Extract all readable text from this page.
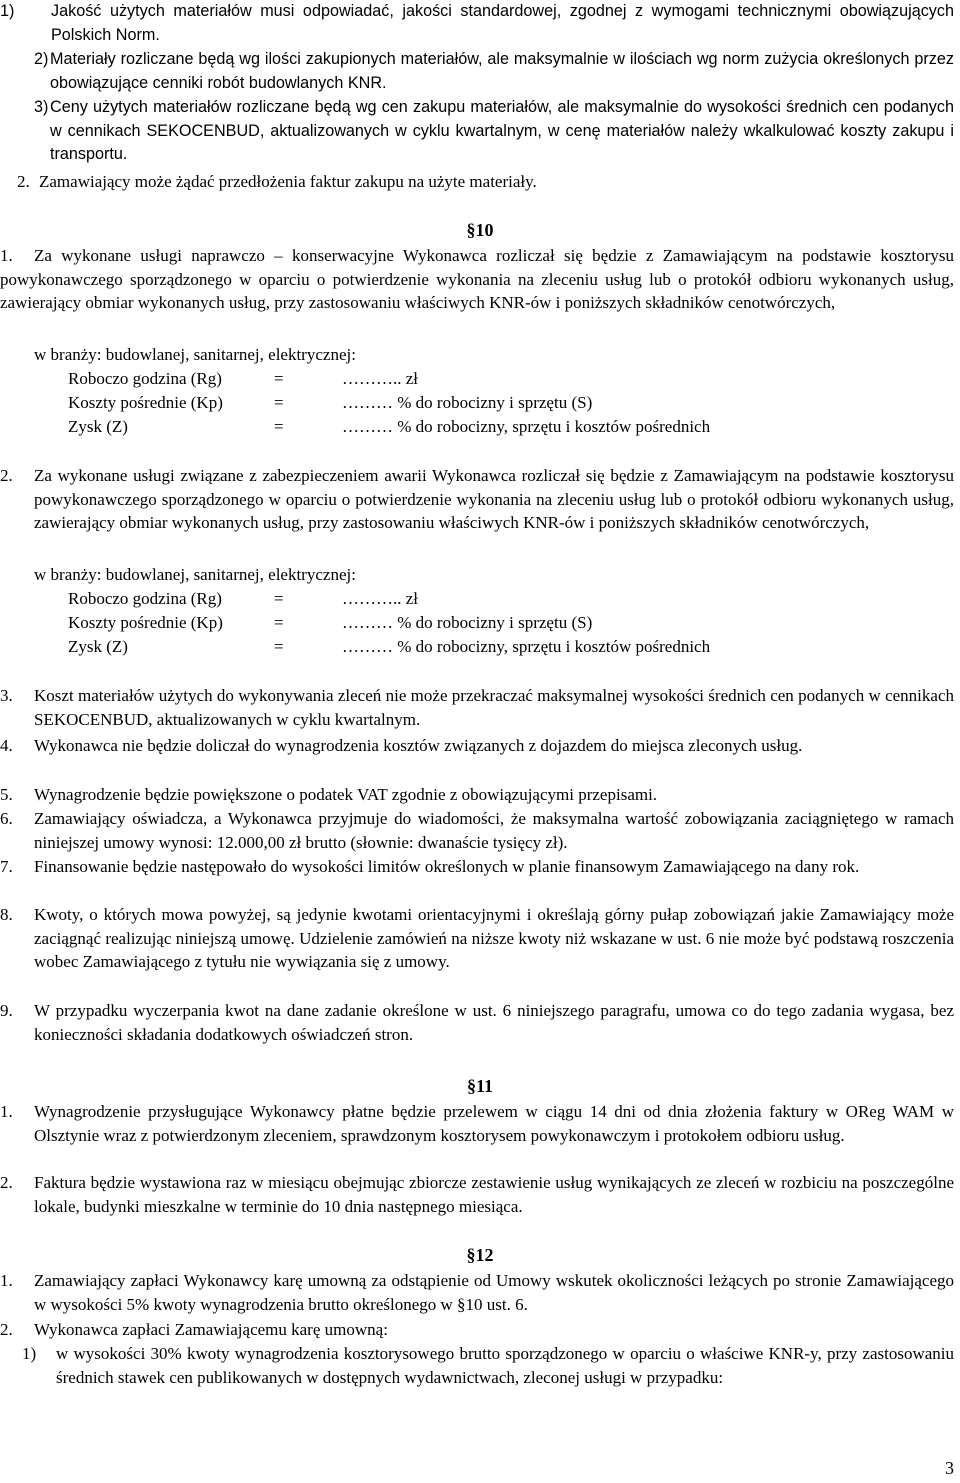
1) Jakość użytych materiałów musi odpowiadać, jakości standardowej, zgodnej z wymogami technicznymi obowiązujących Polskich Norm.
2) Materiały rozliczane będą wg ilości zakupionych materiałów, ale maksymalnie w ilościach wg norm zużycia określonych przez obowiązujące cenniki robót budowlanych KNR.
3) Ceny użytych materiałów rozliczane będą wg cen zakupu materiałów, ale maksymalnie do wysokości średnich cen podanych w cennikach SEKOCENBUD, aktualizowanych w cyklu kwartalnym, w cenę materiałów należy wkalkulować koszty zakupu i transportu.
2. Zamawiający może żądać przedłożenia faktur zakupu na użyte materiały.
§10
1.	Za wykonane usługi naprawczo – konserwacyjne Wykonawca rozliczał się będzie z Zamawiającym na podstawie kosztorysu powykonawczego sporządzonego w oparciu o potwierdzenie wykonania na zleceniu usług lub o protokół odbioru wykonanych usług, zawierający obmiar wykonanych usług, przy zastosowaniu właściwych KNR-ów i poniższych składników cenotwórczych,
w branży: budowlanej, sanitarnej, elektrycznej:
Roboczo godzina (Rg)	=	……….. zł
Koszty pośrednie (Kp)	=	……… % do robocizny i sprzętu (S)
Zysk (Z)	=	……… % do robocizny, sprzętu i kosztów pośrednich
2. Za wykonane usługi związane z zabezpieczeniem awarii Wykonawca rozliczał się będzie z Zamawiającym na podstawie kosztorysu powykonawczego sporządzonego w oparciu o potwierdzenie wykonania na zleceniu usług lub o protokół odbioru wykonanych usług, zawierający obmiar wykonanych usług, przy zastosowaniu właściwych KNR-ów i poniższych składników cenotwórczych,
w branży: budowlanej, sanitarnej, elektrycznej:
Roboczo godzina (Rg)	=	……….. zł
Koszty pośrednie (Kp)	=	……… % do robocizny i sprzętu (S)
Zysk (Z)	=	……… % do robocizny, sprzętu i kosztów pośrednich
3. Koszt materiałów użytych do wykonywania zleceń nie może przekraczać maksymalnej wysokości średnich cen podanych w cennikach SEKOCENBUD, aktualizowanych w cyklu kwartalnym.
4. Wykonawca nie będzie doliczał do wynagrodzenia kosztów związanych z dojazdem do miejsca zleconych usług.
5. Wynagrodzenie będzie powiększone o podatek VAT zgodnie z obowiązującymi przepisami.
6. Zamawiający oświadcza, a Wykonawca przyjmuje do wiadomości, że maksymalna wartość zobowiązania zaciągniętego w ramach niniejszej umowy wynosi: 12.000,00 zł brutto (słownie: dwanaście tysięcy zł).
7. Finansowanie będzie następowało do wysokości limitów określonych w planie finansowym Zamawiającego na dany rok.
8. Kwoty, o których mowa powyżej, są jedynie kwotami orientacyjnymi i określają górny pułap zobowiązań jakie Zamawiający może zaciągnąć realizując niniejszą umowę. Udzielenie zamówień na niższe kwoty niż wskazane w ust. 6 nie może być podstawą roszczenia wobec Zamawiającego z tytułu nie wywiązania się z umowy.
9. W przypadku wyczerpania kwot na dane zadanie określone w ust. 6 niniejszego paragrafu, umowa co do tego zadania wygasa, bez konieczności składania dodatkowych oświadczeń stron.
§11
1. Wynagrodzenie przysługujące Wykonawcy płatne będzie przelewem w ciągu 14 dni od dnia złożenia faktury w OReg WAM w Olsztynie wraz z potwierdzonym zleceniem, sprawdzonym kosztorysem powykonawczym i protokołem odbioru usług.
2. Faktura będzie wystawiona raz w miesiącu obejmując zbiorcze zestawienie usług wynikających ze zleceń w rozbiciu na poszczególne lokale, budynki mieszkalne w terminie do 10 dnia następnego miesiąca.
§12
1. Zamawiający zapłaci Wykonawcy karę umowną za odstąpienie od Umowy wskutek okoliczności leżących po stronie Zamawiającego w wysokości 5% kwoty wynagrodzenia brutto określonego w §10 ust. 6.
2. Wykonawca zapłaci Zamawiającemu karę umowną:
1) w wysokości 30% kwoty wynagrodzenia kosztorysowego brutto sporządzonego w oparciu o właściwe KNR-y, przy zastosowaniu średnich stawek cen publikowanych w dostępnych wydawnictwach, zleconej usługi w przypadku:
3
